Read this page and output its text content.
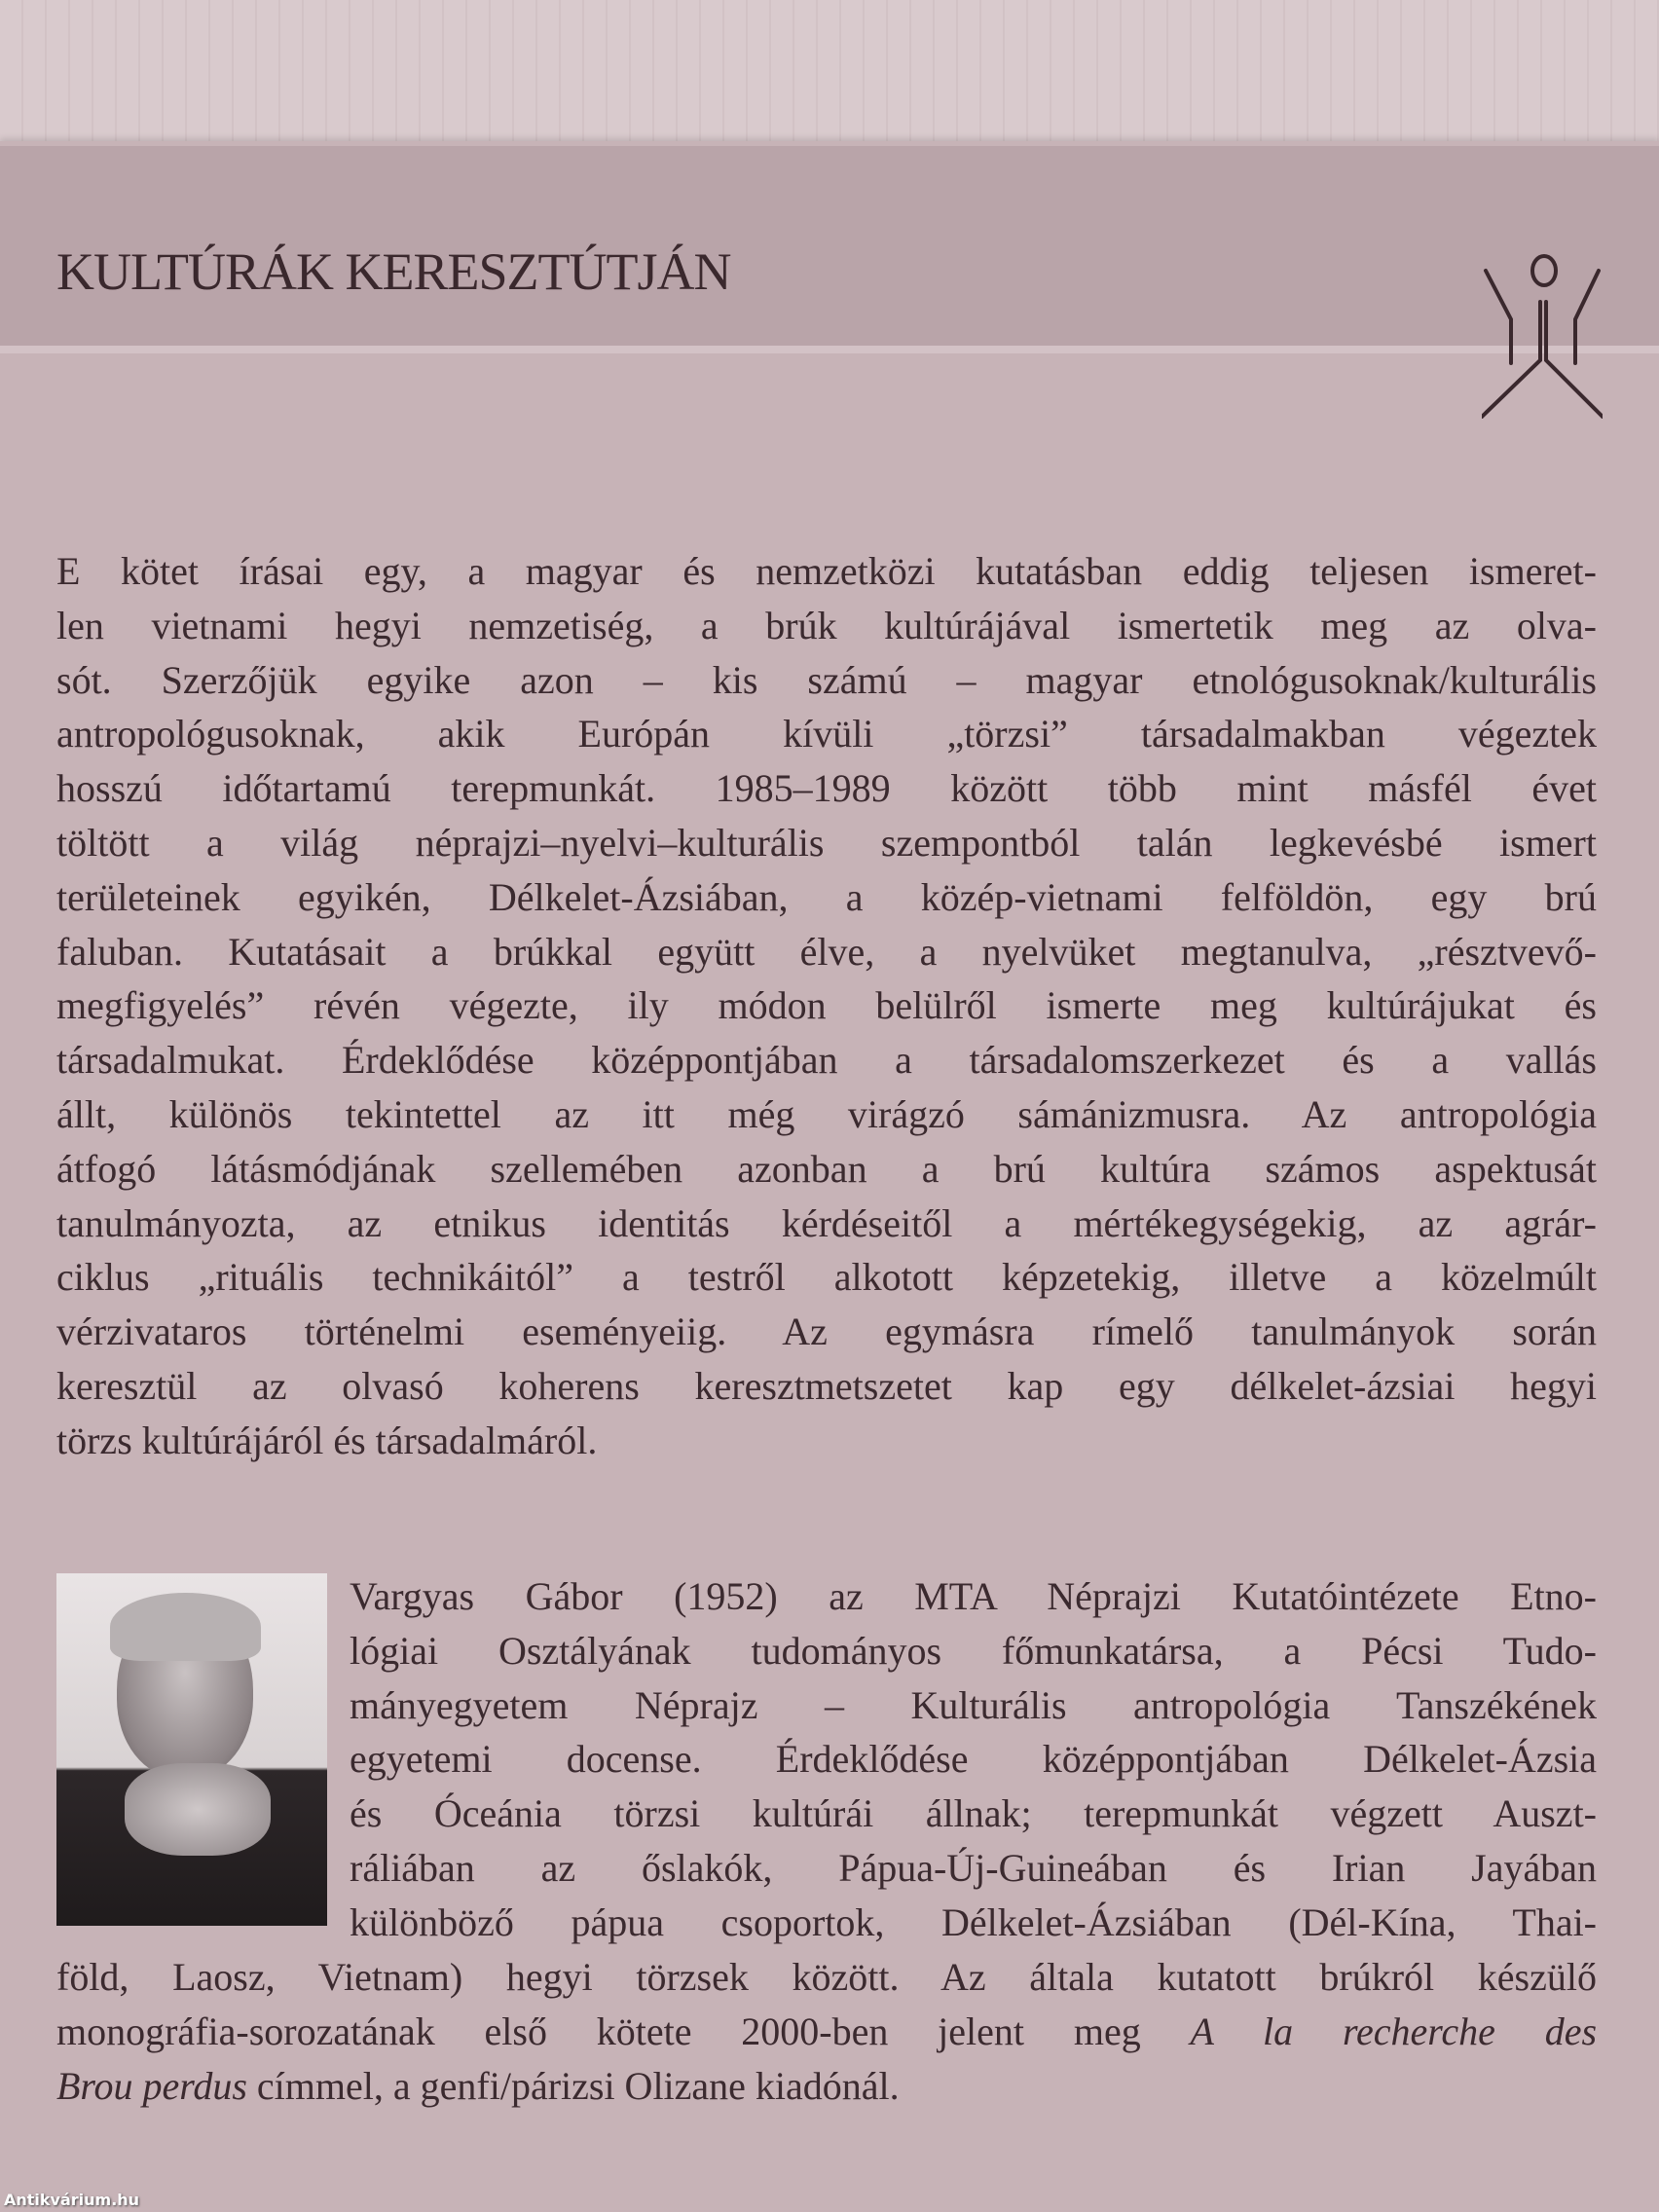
KULTÚRÁK KERESZTÚTJÁN
E kötet írásai egy, a magyar és nemzetközi kutatásban eddig teljesen ismeret-
len vietnami hegyi nemzetiség, a brúk kultúrájával ismertetik meg az olva-
sót. Szerzőjük egyike azon – kis számú – magyar etnológusoknak/kulturális
antropológusoknak, akik Európán kívüli „törzsi” társadalmakban végeztek
hosszú időtartamú terepmunkát. 1985–1989 között több mint másfél évet
töltött a világ néprajzi–nyelvi–kulturális szempontból talán legkevésbé ismert
területeinek egyikén, Délkelet-Ázsiában, a közép-vietnami felföldön, egy brú
faluban. Kutatásait a brúkkal együtt élve, a nyelvüket megtanulva, „résztvevő-
megfigyelés” révén végezte, ily módon belülről ismerte meg kultúrájukat és
társadalmukat. Érdeklődése középpontjában a társadalomszerkezet és a vallás
állt, különös tekintettel az itt még virágzó sámánizmusra. Az antropológia
átfogó látásmódjának szellemében azonban a brú kultúra számos aspektusát
tanulmányozta, az etnikus identitás kérdéseitől a mértékegységekig, az agrár-
ciklus „rituális technikáitól” a testről alkotott képzetekig, illetve a közelmúlt
vérzivataros történelmi eseményeiig. Az egymásra rímelő tanulmányok során
keresztül az olvasó koherens keresztmetszetet kap egy délkelet-ázsiai hegyi
törzs kultúrájáról és társadalmáról.
Vargyas Gábor (1952) az MTA Néprajzi Kutatóintézete Etno-
lógiai Osztályának tudományos főmunkatársa, a Pécsi Tudo-
mányegyetem Néprajz – Kulturális antropológia Tanszékének
egyetemi docense. Érdeklődése középpontjában Délkelet-Ázsia
és Óceánia törzsi kultúrái állnak; terepmunkát végzett Auszt-
ráliában az őslakók, Pápua-Új-Guineában és Irian Jayában
különböző pápua csoportok, Délkelet-Ázsiában (Dél-Kína, Thai-
föld, Laosz, Vietnam) hegyi törzsek között. Az általa kutatott brúkról készülő
monográfia-sorozatának első kötete 2000-ben jelent meg A la recherche des
Brou perdus címmel, a genfi/párizsi Olizane kiadónál.
Antikvárium.hu
